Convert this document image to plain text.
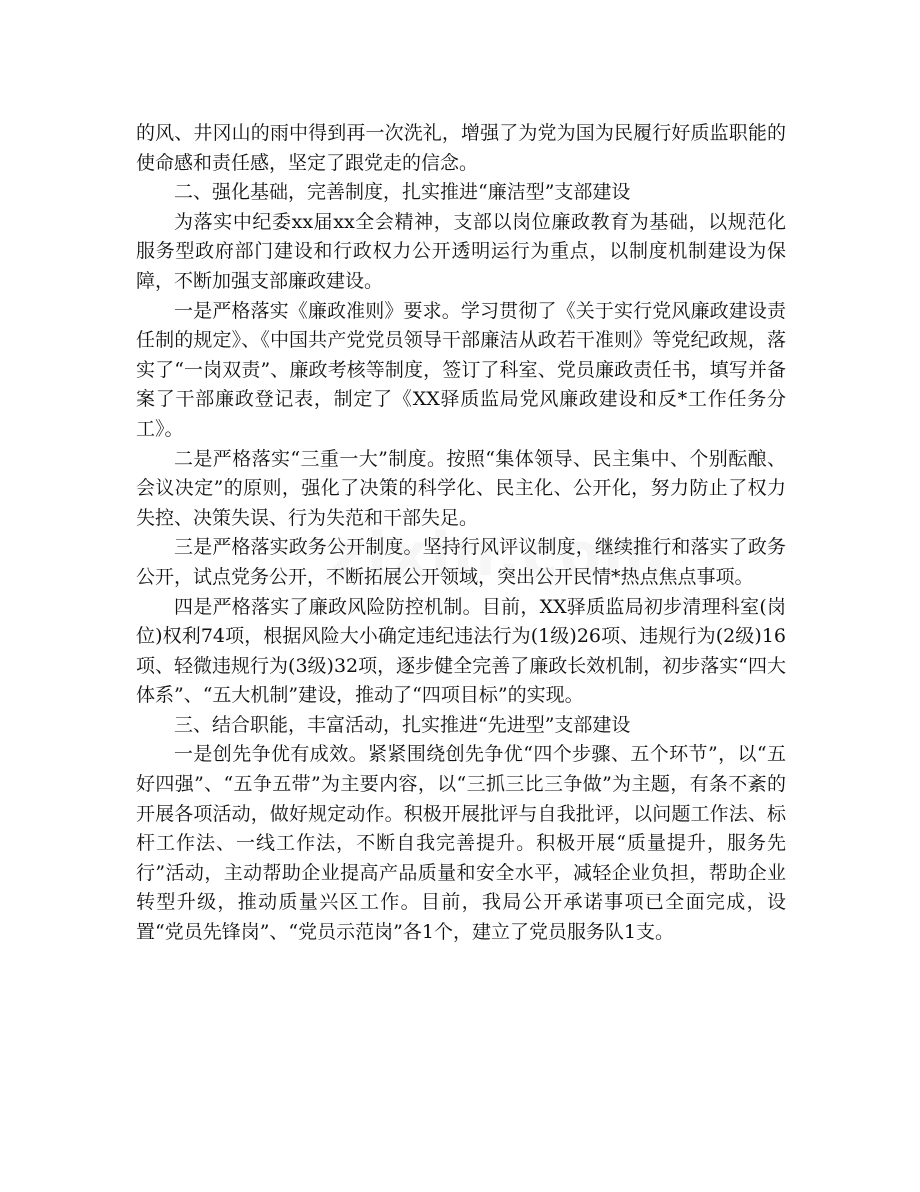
的风、井冈山的雨中得到再一次洗礼，增强了为党为国为民履行好质监职能的使命感和责任感，坚定了跟党走的信念。

二、强化基础，完善制度，扎实推进“廉洁型”支部建设

为落实中纪委xx届xx全会精神，支部以岗位廉政教育为基础，以规范化服务型政府部门建设和行政权力公开透明运行为重点，以制度机制建设为保障，不断加强支部廉政建设。

一是严格落实《廉政准则》要求。学习贯彻了《关于实行党风廉政建设责任制的规定》、《中国共产党党员领导干部廉洁从政若干准则》等党纪政规，落实了“一岗双责”、廉政考核等制度，签订了科室、党员廉政责任书，填写并备案了干部廉政登记表，制定了《XX驿质监局党风廉政建设和反*工作任务分工》。

二是严格落实“三重一大”制度。按照“集体领导、民主集中、个别酝酿、会议决定”的原则，强化了决策的科学化、民主化、公开化，努力防止了权力失控、决策失误、行为失范和干部失足。

三是严格落实政务公开制度。坚持行风评议制度，继续推行和落实了政务公开，试点党务公开，不断拓展公开领域，突出公开民情*热点焦点事项。

四是严格落实了廉政风险防控机制。目前，XX驿质监局初步清理科室(岗位)权利74项，根据风险大小确定违纪违法行为(1级)26项、违规行为(2级)16项、轻微违规行为(3级)32项，逐步健全完善了廉政长效机制，初步落实“四大体系”、“五大机制”建设，推动了“四项目标”的实现。

三、结合职能，丰富活动，扎实推进“先进型”支部建设

一是创先争优有成效。紧紧围绕创先争优“四个步骤、五个环节”，以“五好四强”、“五争五带”为主要内容，以“三抓三比三争做”为主题，有条不紊的开展各项活动，做好规定动作。积极开展批评与自我批评，以问题工作法、标杆工作法、一线工作法，不断自我完善提升。积极开展“质量提升，服务先行”活动，主动帮助企业提高产品质量和安全水平，减轻企业负担，帮助企业转型升级，推动质量兴区工作。目前，我局公开承诺事项已全面完成，设置“党员先锋岗”、“党员示范岗”各1个，建立了党员服务队1支。
